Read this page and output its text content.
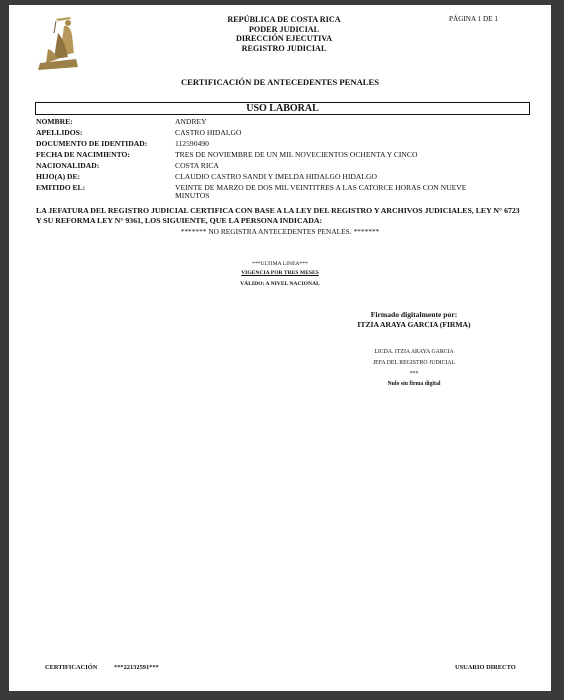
REPÚBLICA DE COSTA RICA
PODER JUDICIAL
DIRECCIÓN EJECUTIVA
REGISTRO JUDICIAL
PÁGINA 1 DE 1
CERTIFICACIÓN DE ANTECEDENTES PENALES
USO LABORAL
NOMBRE:	ANDREY
APELLIDOS:	CASTRO HIDALGO
DOCUMENTO DE IDENTIDAD:	112590490
FECHA DE NACIMIENTO:	TRES DE NOVIEMBRE DE UN MIL NOVECIENTOS OCHENTA Y CINCO
NACIONALIDAD:	COSTA RICA
HIJO(A) DE:	CLAUDIO CASTRO SANDI Y IMELDA HIDALGO HIDALGO
EMITIDO EL:	VEINTE DE MARZO DE DOS MIL VEINTITRES A LAS CATORCE HORAS CON NUEVE MINUTOS
LA JEFATURA DEL REGISTRO JUDICIAL CERTIFICA CON BASE A LA LEY DEL REGISTRO Y ARCHIVOS JUDICIALES, LEY N° 6723 Y SU REFORMA LEY N° 9361, LOS SIGUIENTE, QUE LA PERSONA INDICADA:
******* NO REGISTRA ANTECEDENTES PENALES. *******
***ULTIMA LINEA***
VIGENCIA POR TRES MESES
VÁLIDO: A NIVEL NACIONAL
Firmado digitalmente por:
ITZIA ARAYA GARCIA (FIRMA)
LICDA. ITZIA ARAYA GARCIA
JEFA DEL REGISTRO JUDICIAL
***
Nulo sin firma digital
CERTIFICACIÓN	***22132591***	USUARIO DIRECTO
